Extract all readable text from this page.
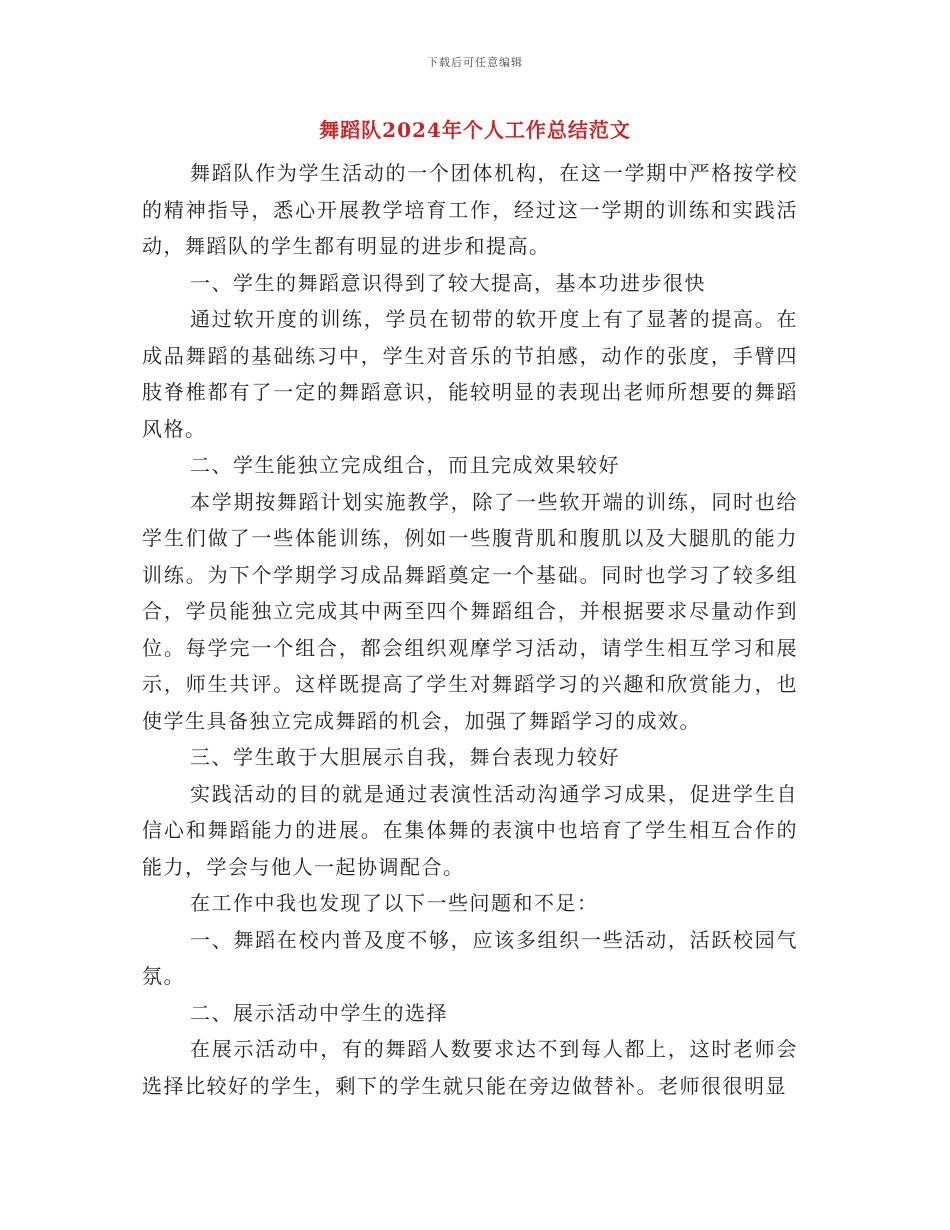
下载后可任意编辑
舞蹈队2024年个人工作总结范文

舞蹈队作为学生活动的一个团体机构，在这一学期中严格按学校的精神指导，悉心开展教学培育工作，经过这一学期的训练和实践活动，舞蹈队的学生都有明显的进步和提高。

一、学生的舞蹈意识得到了较大提高，基本功进步很快

通过软开度的训练，学员在韧带的软开度上有了显著的提高。在成品舞蹈的基础练习中，学生对音乐的节拍感，动作的张度，手臂四肢脊椎都有了一定的舞蹈意识，能较明显的表现出老师所想要的舞蹈风格。

二、学生能独立完成组合，而且完成效果较好

本学期按舞蹈计划实施教学，除了一些软开端的训练，同时也给学生们做了一些体能训练，例如一些腹背肌和腹肌以及大腿肌的能力训练。为下个学期学习成品舞蹈奠定一个基础。同时也学习了较多组合，学员能独立完成其中两至四个舞蹈组合，并根据要求尽量动作到位。每学完一个组合，都会组织观摩学习活动，请学生相互学习和展示，师生共评。这样既提高了学生对舞蹈学习的兴趣和欣赏能力，也使学生具备独立完成舞蹈的机会，加强了舞蹈学习的成效。

三、学生敢于大胆展示自我，舞台表现力较好

实践活动的目的就是通过表演性活动沟通学习成果，促进学生自信心和舞蹈能力的进展。在集体舞的表演中也培育了学生相互合作的能力，学会与他人一起协调配合。

在工作中我也发现了以下一些问题和不足：

一、舞蹈在校内普及度不够，应该多组织一些活动，活跃校园气氛。

二、展示活动中学生的选择

在展示活动中，有的舞蹈人数要求达不到每人都上，这时老师会选择比较好的学生，剩下的学生就只能在旁边做替补。老师很很明显
